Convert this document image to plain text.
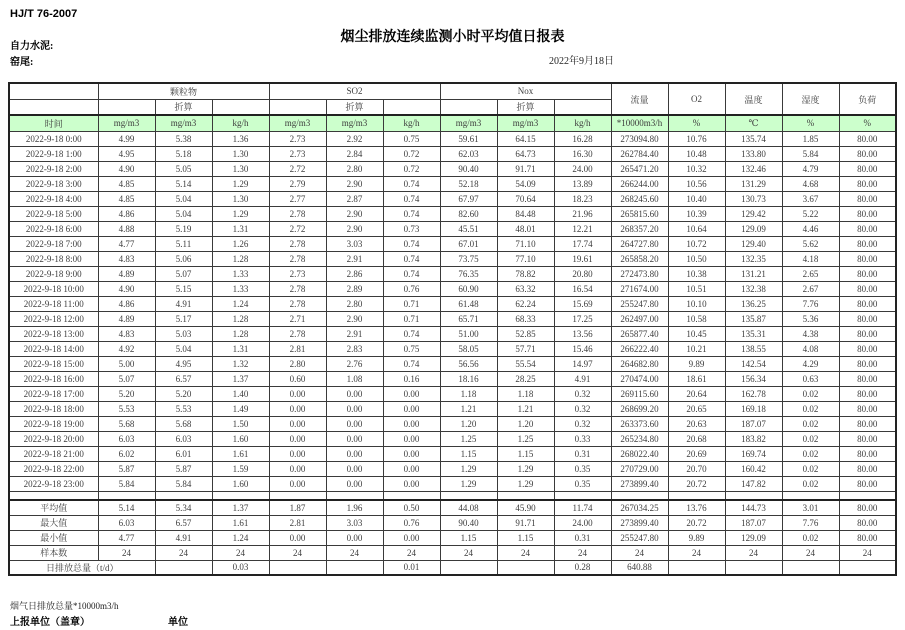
HJ/T 76-2007
烟尘排放连续监测小时平均值日报表
自力水泥:
窑尾:	2022年9月18日
	颗粒物			SO2			Nox			流量	O2	温度	湿度	负荷
		折算			折算			折算						
时间	mg/m3	mg/m3	kg/h	mg/m3	mg/m3	kg/h	mg/m3	mg/m3	kg/h	*10000m3/h	%	℃	%	%
2022-9-18 0:00	4.99	5.38	1.36	2.73	2.92	0.75	59.61	64.15	16.28	273094.80	10.76	135.74	1.85	80.00
2022-9-18 1:00	4.95	5.18	1.30	2.73	2.84	0.72	62.03	64.73	16.30	262784.40	10.48	133.80	5.84	80.00
2022-9-18 2:00	4.90	5.05	1.30	2.72	2.80	0.72	90.40	91.71	24.00	265471.20	10.32	132.46	4.79	80.00
2022-9-18 3:00	4.85	5.14	1.29	2.79	2.90	0.74	52.18	54.09	13.89	266244.00	10.56	131.29	4.68	80.00
2022-9-18 4:00	4.85	5.04	1.30	2.77	2.87	0.74	67.97	70.64	18.23	268245.60	10.40	130.73	3.67	80.00
2022-9-18 5:00	4.86	5.04	1.29	2.78	2.90	0.74	82.60	84.48	21.96	265815.60	10.39	129.42	5.22	80.00
2022-9-18 6:00	4.88	5.19	1.31	2.72	2.90	0.73	45.51	48.01	12.21	268357.20	10.64	129.09	4.46	80.00
2022-9-18 7:00	4.77	5.11	1.26	2.78	3.03	0.74	67.01	71.10	17.74	264727.80	10.72	129.40	5.62	80.00
2022-9-18 8:00	4.83	5.06	1.28	2.78	2.91	0.74	73.75	77.10	19.61	265858.20	10.50	132.35	4.18	80.00
2022-9-18 9:00	4.89	5.07	1.33	2.73	2.86	0.74	76.35	78.82	20.80	272473.80	10.38	131.21	2.65	80.00
2022-9-18 10:00	4.90	5.15	1.33	2.78	2.89	0.76	60.90	63.32	16.54	271674.00	10.51	132.38	2.67	80.00
2022-9-18 11:00	4.86	4.91	1.24	2.78	2.80	0.71	61.48	62.24	15.69	255247.80	10.10	136.25	7.76	80.00
2022-9-18 12:00	4.89	5.17	1.28	2.71	2.90	0.71	65.71	68.33	17.25	262497.00	10.58	135.87	5.36	80.00
2022-9-18 13:00	4.83	5.03	1.28	2.78	2.91	0.74	51.00	52.85	13.56	265877.40	10.45	135.31	4.38	80.00
2022-9-18 14:00	4.92	5.04	1.31	2.81	2.83	0.75	58.05	57.71	15.46	266222.40	10.21	138.55	4.08	80.00
2022-9-18 15:00	5.00	4.95	1.32	2.80	2.76	0.74	56.56	55.54	14.97	264682.80	9.89	142.54	4.29	80.00
2022-9-18 16:00	5.07	6.57	1.37	0.60	1.08	0.16	18.16	28.25	4.91	270474.00	18.61	156.34	0.63	80.00
2022-9-18 17:00	5.20	5.20	1.40	0.00	0.00	0.00	1.18	1.18	0.32	269115.60	20.64	162.78	0.02	80.00
2022-9-18 18:00	5.53	5.53	1.49	0.00	0.00	0.00	1.21	1.21	0.32	268699.20	20.65	169.18	0.02	80.00
2022-9-18 19:00	5.68	5.68	1.50	0.00	0.00	0.00	1.20	1.20	0.32	263373.60	20.63	187.07	0.02	80.00
2022-9-18 20:00	6.03	6.03	1.60	0.00	0.00	0.00	1.25	1.25	0.33	265234.80	20.68	183.82	0.02	80.00
2022-9-18 21:00	6.02	6.01	1.61	0.00	0.00	0.00	1.15	1.15	0.31	268022.40	20.69	169.74	0.02	80.00
2022-9-18 22:00	5.87	5.87	1.59	0.00	0.00	0.00	1.29	1.29	0.35	270729.00	20.70	160.42	0.02	80.00
2022-9-18 23:00	5.84	5.84	1.60	0.00	0.00	0.00	1.29	1.29	0.35	273899.40	20.72	147.82	0.02	80.00

平均值	5.14	5.34	1.37	1.87	1.96	0.50	44.08	45.90	11.74	267034.25	13.76	144.73	3.01	80.00
最大值	6.03	6.57	1.61	2.81	3.03	0.76	90.40	91.71	24.00	273899.40	20.72	187.07	7.76	80.00
最小值	4.77	4.91	1.24	0.00	0.00	0.00	1.15	1.15	0.31	255247.80	9.89	129.09	0.02	80.00
样本数	24	24	24	24	24	24	24	24	24	24	24	24	24	24
日排放总量（t/d）			0.03			0.01			0.28	640.88				
烟气日排放总量*10000m3/h
上报单位（盖章）	单位
